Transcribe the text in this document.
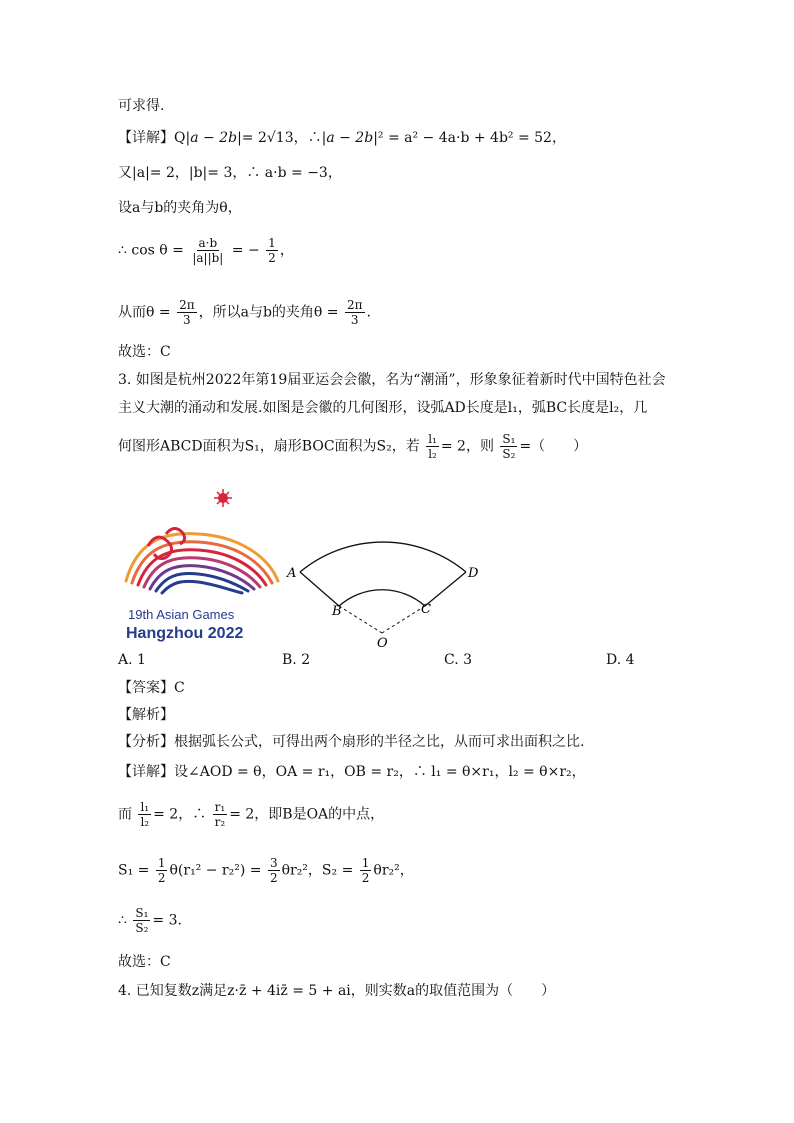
可求得.
【详解】Q|a − 2b|= 2√13，∴|a − 2b|² = a² − 4a·b + 4b² = 52，
又|a|= 2，|b|= 3，∴ a·b = −3，
设a与b的夹角为θ，
∴ $\cos \theta = \frac{a\cdot b}{|a||b|}$ = − $\frac{1}{2}$ ，
从而$\theta = \frac{2\pi}{3}$ ，所以a与b的夹角$\theta = \frac{2\pi}{3}$ .
故选：C
3. 如图是杭州2022年第19届亚运会会徽，名为“潮涌”，形象象征着新时代中国特色社会
主义大潮的涌动和发展.如图是会徽的几何图形，设弧AD长度是l₁，弧BC长度是l₂，几
何图形ABCD面积为S₁，扇形BOC面积为S₂，若 $\frac{\text{l₁}}{\text{l₂}} = 2$，则 $\frac{\text{S₁}}{\text{S₂}}$ =（　　）
19th Asian Games
Hangzhou 2022
A	D
B	C
O
A. 1	B. 2	C. 3	D. 4
【答案】C
【解析】
【分析】根据弧长公式，可得出两个扇形的半径之比，从而可求出面积之比.
【详解】设∠AOD = θ，OA = r₁，OB = r₂，∴ l₁ = θ×r₁，l₂ = θ×r₂，
而 $\frac{\text{l₁}}{\text{l₂}} = 2$，∴ $\frac{\text{r₁}}{\text{r₂}} = 2$，即B是OA的中点，
$S_1 = \frac{1}{2} \theta(r_1^2 - r_2^2) = \frac{3}{2} \theta r_2^2$，$S_2 = \frac{1}{2} \theta r_2^2$，
∴ $\frac{\text{S₁}}{\text{S₂}} = 3$.
故选：C
4. 已知复数z满足z·z̄ + 4iz̄ = 5 + ai，则实数a的取值范围为（　　）
